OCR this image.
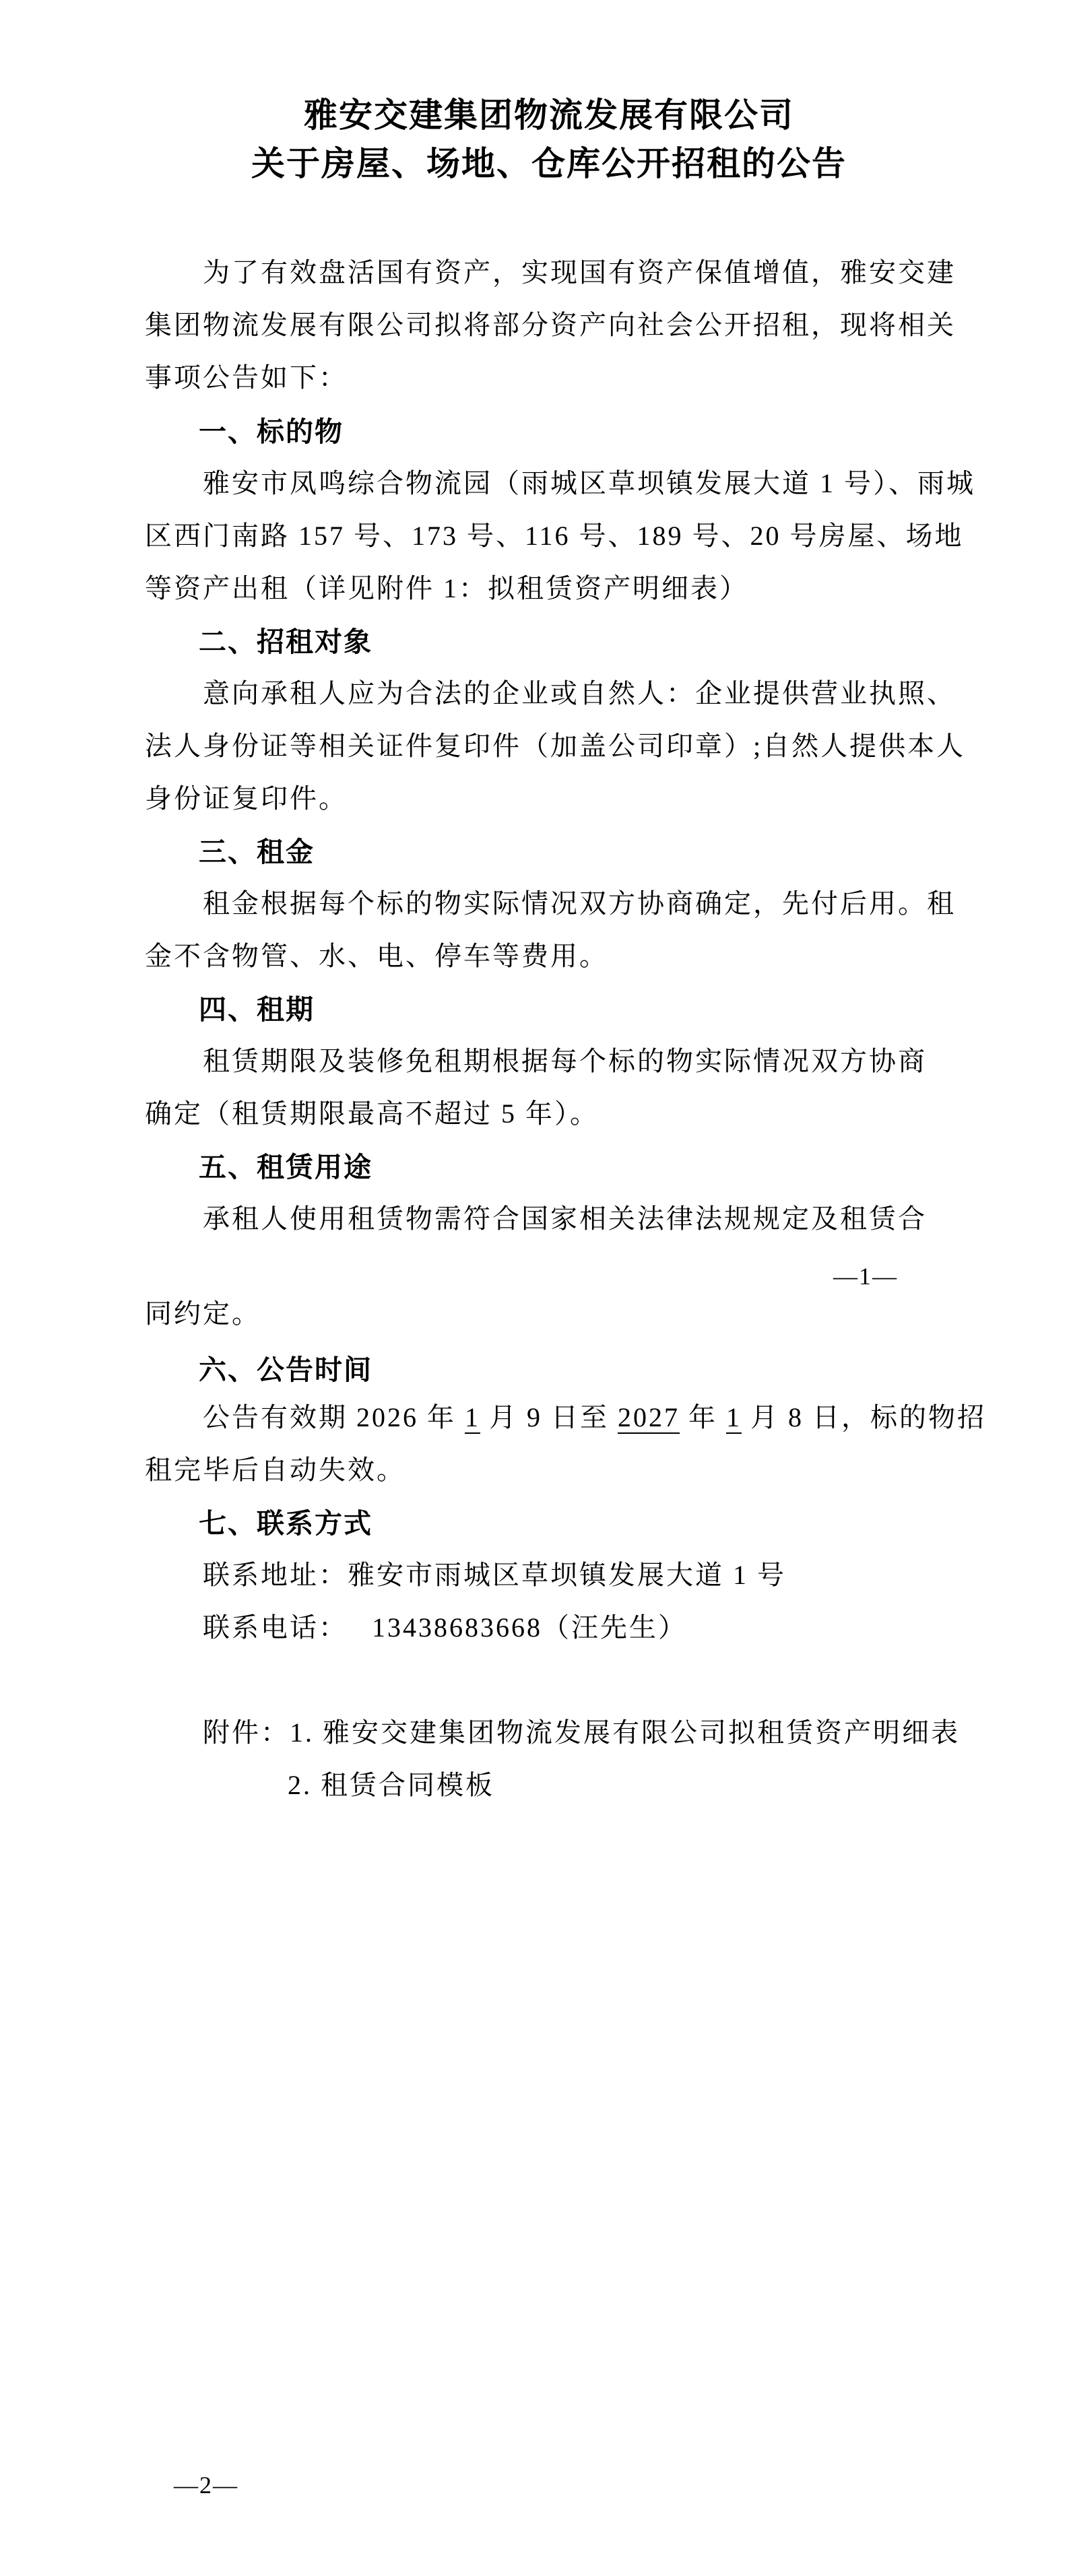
雅安交建集团物流发展有限公司
关于房屋、场地、仓库公开招租的公告
　　为了有效盘活国有资产，实现国有资产保值增值，雅安交建
集团物流发展有限公司拟将部分资产向社会公开招租，现将相关
事项公告如下：
一、标的物
　　雅安市凤鸣综合物流园（雨城区草坝镇发展大道 1 号）、雨城
区西门南路 157 号、173 号、116 号、189 号、20 号房屋、场地
等资产出租（详见附件 1：拟租赁资产明细表）
二、招租对象
　　意向承租人应为合法的企业或自然人：企业提供营业执照、
法人身份证等相关证件复印件（加盖公司印章）;自然人提供本人
身份证复印件。
三、租金
　　租金根据每个标的物实际情况双方协商确定，先付后用。租
金不含物管、水、电、停车等费用。
四、租期
　　租赁期限及装修免租期根据每个标的物实际情况双方协商
确定（租赁期限最高不超过 5 年）。
五、租赁用途
　　承租人使用租赁物需符合国家相关法律法规规定及租赁合
—1—
同约定。
六、公告时间
　　公告有效期 2026 年 1 月 9 日至 2027 年 1 月 8 日，标的物招
租完毕后自动失效。
七、联系方式
　　联系地址：雅安市雨城区草坝镇发展大道 1 号
　　联系电话：　 13438683668（汪先生）
　　附件：1. 雅安交建集团物流发展有限公司拟租赁资产明细表
2. 租赁合同模板
—2—
